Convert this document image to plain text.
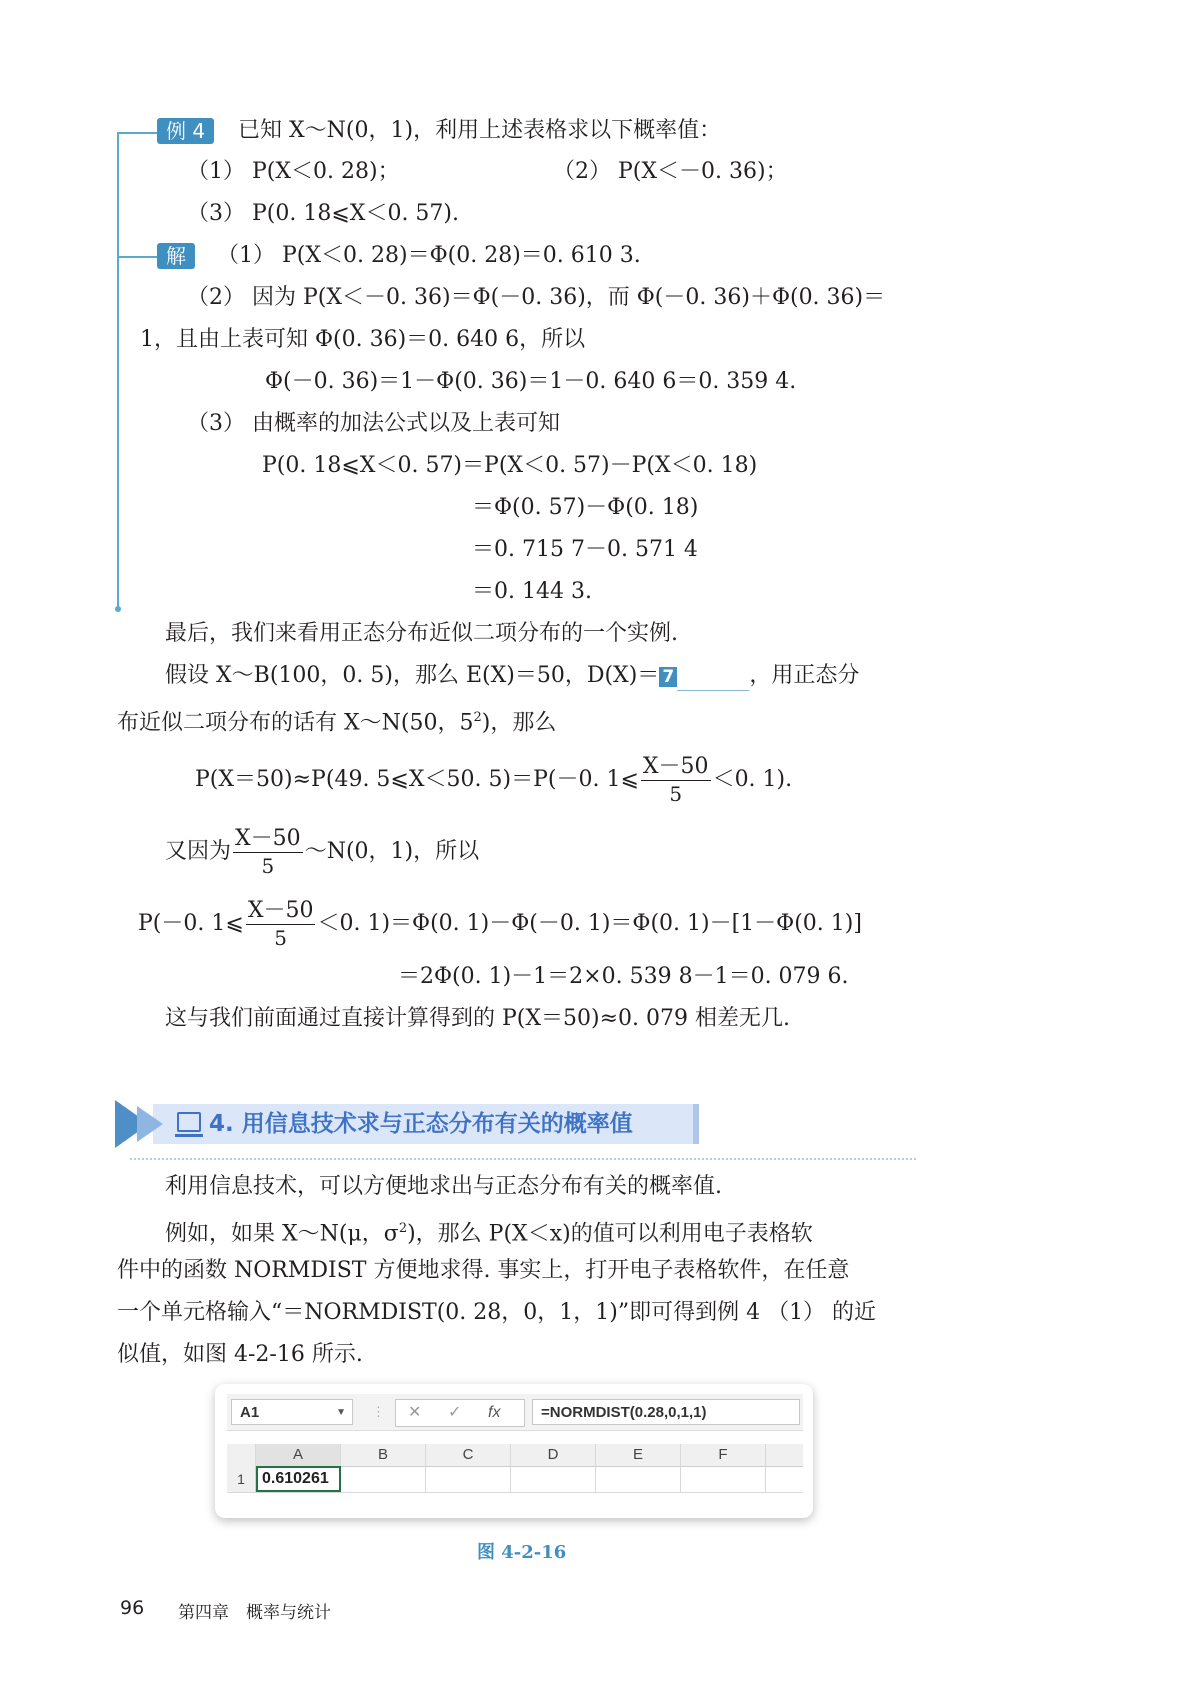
例 4	已知 X～N(0，1)，利用上述表格求以下概率值：
（1） P(X＜0. 28)；	（2） P(X＜－0. 36)；
（3） P(0. 18⩽X＜0. 57).
解	（1） P(X＜0. 28)＝Φ(0. 28)＝0. 610 3.
（2） 因为 P(X＜－0. 36)＝Φ(－0. 36)，而 Φ(－0. 36)＋Φ(0. 36)＝
1，且由上表可知 Φ(0. 36)＝0. 640 6，所以
Φ(－0. 36)＝1－Φ(0. 36)＝1－0. 640 6＝0. 359 4.
（3） 由概率的加法公式以及上表可知
P(0. 18⩽X＜0. 57)＝P(X＜0. 57)－P(X＜0. 18)
＝Φ(0. 57)－Φ(0. 18)
＝0. 715 7－0. 571 4
＝0. 144 3.
最后，我们来看用正态分布近似二项分布的一个实例.
假设 X～B(100，0. 5)，那么 E(X)＝50，D(X)＝ 7	，用正态分
布近似二项分布的话有 X～N(50，$5^2$)，那么
P(X＝50)≈P(49. 5⩽X＜50. 5)＝P(－0. 1⩽ $\frac{X-50}{5} <0$. 1).
又因为 $\frac{X-50}{5}$ ～N(0，1)，所以
P(－0. 1⩽ $\frac{X-50}{5} <0$. 1)＝Φ(0. 1)－Φ(－0. 1)＝Φ(0. 1)－[1－Φ(0. 1)]
＝2Φ(0. 1)－1＝2×0. 539 8－1＝0. 079 6.
这与我们前面通过直接计算得到的 P(X＝50)≈0. 079 相差无几.
4. 用信息技术求与正态分布有关的概率值
利用信息技术，可以方便地求出与正态分布有关的概率值.
例如，如果 X～N(μ，$\sigma^2$)，那么 P(X＜x)的值可以利用电子表格软
件中的函数 NORMDIST 方便地求得. 事实上，打开电子表格软件，在任意
一个单元格输入“＝NORMDIST(0. 28，0，1，1)”即可得到例 4 （1） 的近
似值，如图 4-2-16 所示.
A1	▼ ⋮ ✕ ✓ fx	=NORMDIST(0.28,0,1,1)
A	B	C	D	E	F
1	0.610261
图 4-2-16
96 第四章　概率与统计
